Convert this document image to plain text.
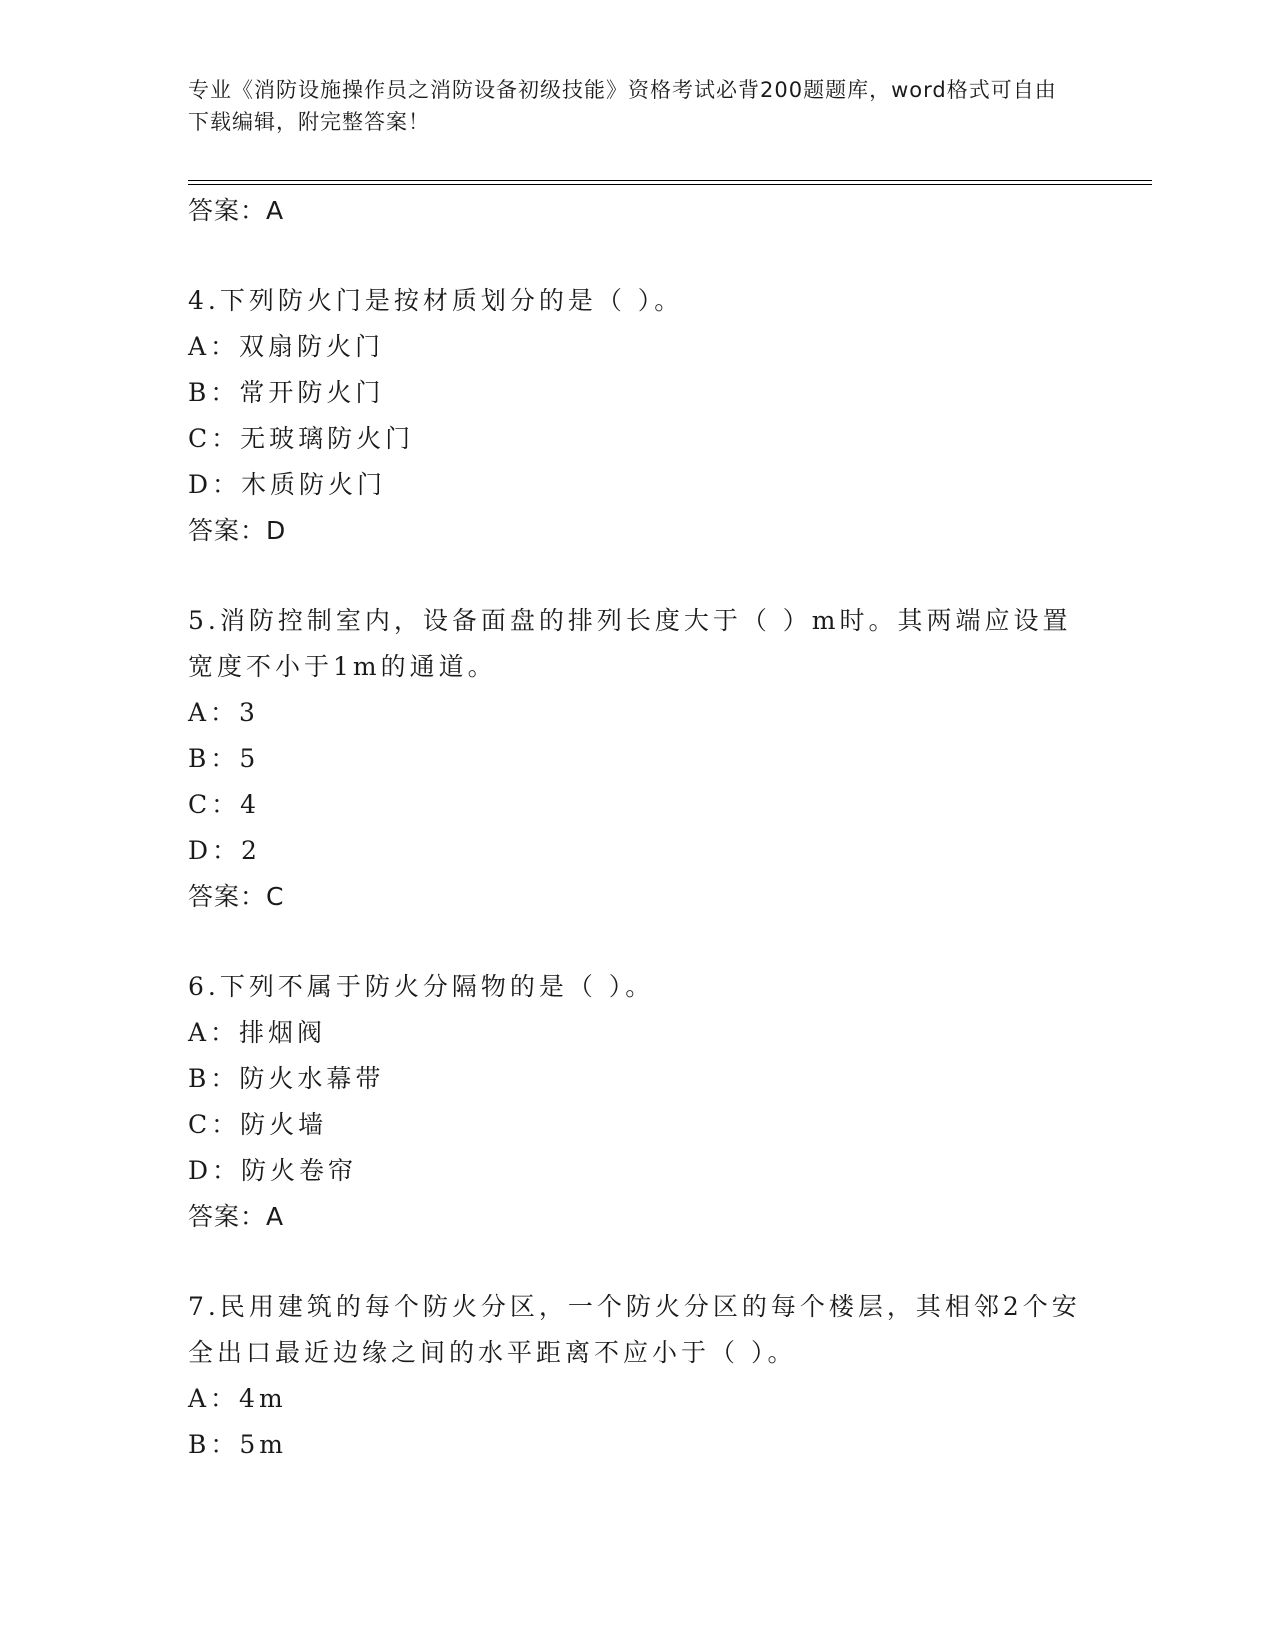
专业《消防设施操作员之消防设备初级技能》资格考试必背200题题库，word格式可自由下载编辑，附完整答案！

答案：A

4.下列防火门是按材质划分的是（ ）。

A：双扇防火门

B：常开防火门

C：无玻璃防火门

D：木质防火门

答案：D

5.消防控制室内，设备面盘的排列长度大于（ ）m时。其两端应设置宽度不小于1m的通道。

A：3

B：5

C：4

D：2

答案：C

6.下列不属于防火分隔物的是（ ）。

A：排烟阀

B：防火水幕带

C：防火墙

D：防火卷帘

答案：A

7.民用建筑的每个防火分区，一个防火分区的每个楼层，其相邻2个安全出口最近边缘之间的水平距离不应小于（ ）。

A：4m

B：5m
